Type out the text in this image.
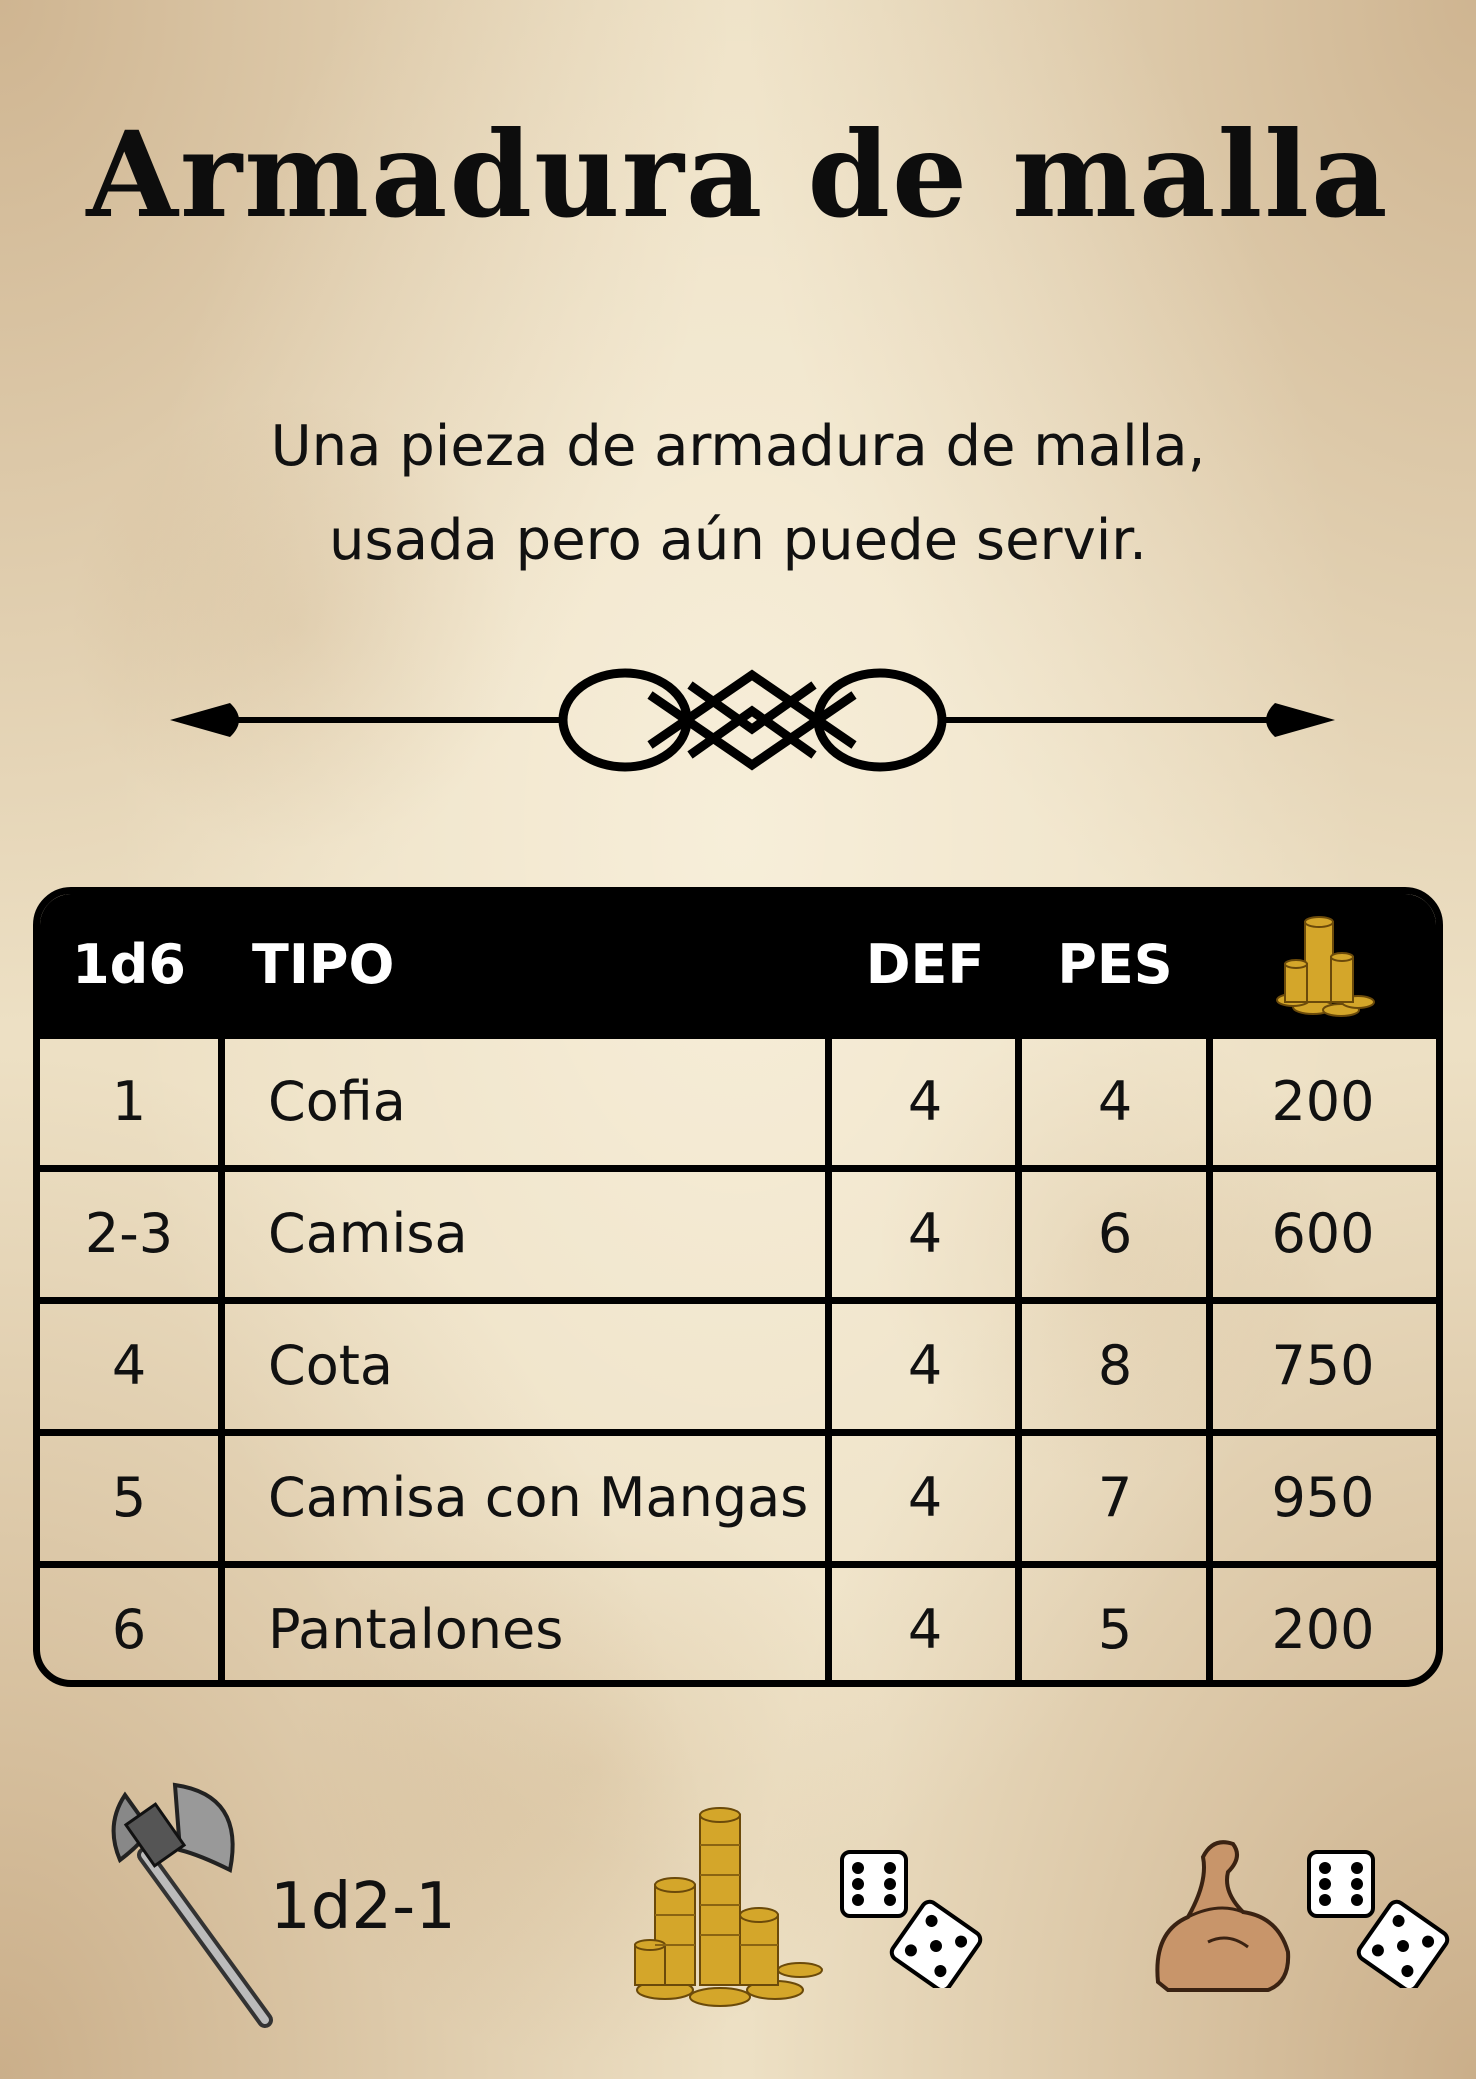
Armadura de malla
Una pieza de armadura de malla,
usada pero aún puede servir.
1d6	TIPO	DEF	PES
1	Cofia	4	4	200
2-3	Camisa	4	6	600
4	Cota	4	8	750
5	Camisa con Mangas	4	7	950
6	Pantalones	4	5	200
1d2-1
